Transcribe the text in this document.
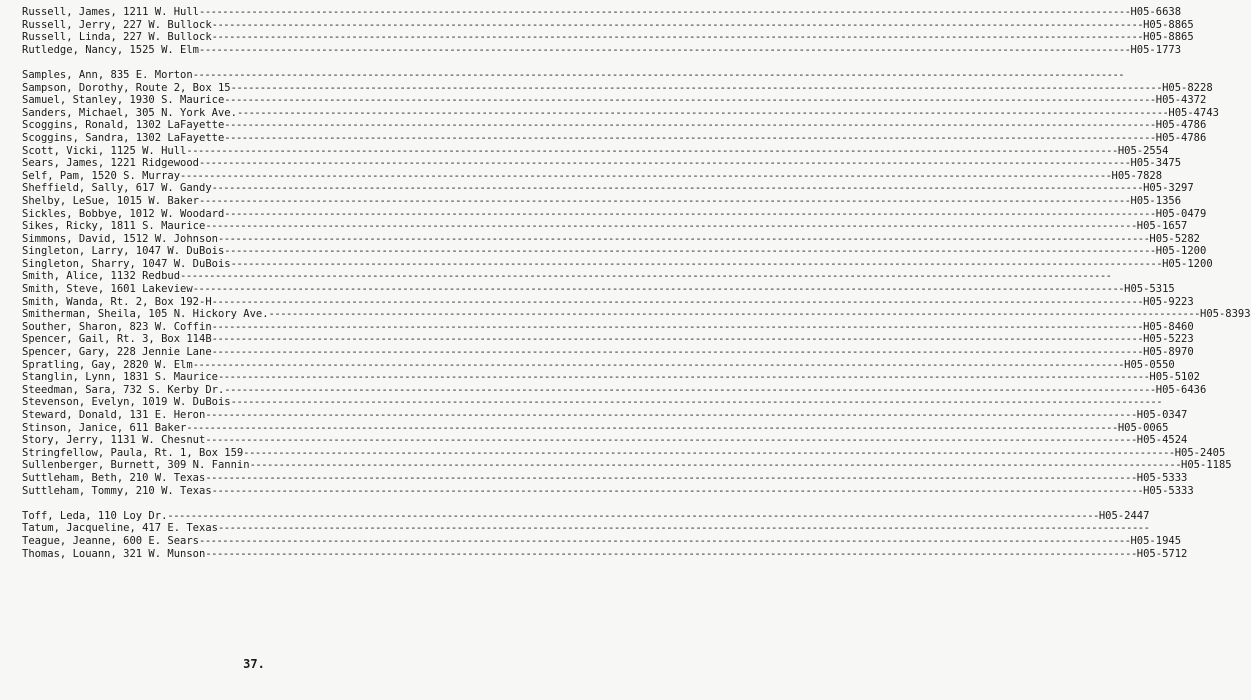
Russell, James, 1211 W. Hull ---------------------------------------------------------------------------------------------------------------------------------------------------------------- H05-6638
Russell, Jerry, 227 W. Bullock ---------------------------------------------------------------------------------------------------------------------------------------------------------------- H05-8865
Russell, Linda, 227 W. Bullock ---------------------------------------------------------------------------------------------------------------------------------------------------------------- H05-8865
Rutledge, Nancy, 1525 W. Elm ---------------------------------------------------------------------------------------------------------------------------------------------------------------- H05-1773
Samples, Ann, 835 E. Morton ----------------------------------------------------------------------------------------------------------------------------------------------------------------
Sampson, Dorothy, Route 2, Box 15 ---------------------------------------------------------------------------------------------------------------------------------------------------------------- H05-8228
Samuel, Stanley, 1930 S. Maurice ---------------------------------------------------------------------------------------------------------------------------------------------------------------- H05-4372
Sanders, Michael, 305 N. York Ave. ---------------------------------------------------------------------------------------------------------------------------------------------------------------- H05-4743
Scoggins, Ronald, 1302 LaFayette ---------------------------------------------------------------------------------------------------------------------------------------------------------------- H05-4786
Scoggins, Sandra, 1302 LaFayette ---------------------------------------------------------------------------------------------------------------------------------------------------------------- H05-4786
Scott, Vicki, 1125 W. Hull ---------------------------------------------------------------------------------------------------------------------------------------------------------------- H05-2554
Sears, James, 1221 Ridgewood ---------------------------------------------------------------------------------------------------------------------------------------------------------------- H05-3475
Self, Pam, 1520 S. Murray ---------------------------------------------------------------------------------------------------------------------------------------------------------------- H05-7828
Sheffield, Sally, 617 W. Gandy ---------------------------------------------------------------------------------------------------------------------------------------------------------------- H05-3297
Shelby, LeSue, 1015 W. Baker ---------------------------------------------------------------------------------------------------------------------------------------------------------------- H05-1356
Sickles, Bobbye, 1012 W. Woodard ---------------------------------------------------------------------------------------------------------------------------------------------------------------- H05-0479
Sikes, Ricky, 1811 S. Maurice ---------------------------------------------------------------------------------------------------------------------------------------------------------------- H05-1657
Simmons, David, 1512 W. Johnson ---------------------------------------------------------------------------------------------------------------------------------------------------------------- H05-5282
Singleton, Larry, 1047 W. DuBois ---------------------------------------------------------------------------------------------------------------------------------------------------------------- H05-1200
Singleton, Sharry, 1047 W. DuBois ---------------------------------------------------------------------------------------------------------------------------------------------------------------- H05-1200
Smith, Alice, 1132 Redbud ----------------------------------------------------------------------------------------------------------------------------------------------------------------
Smith, Steve, 1601 Lakeview ---------------------------------------------------------------------------------------------------------------------------------------------------------------- H05-5315
Smith, Wanda, Rt. 2, Box 192-H ---------------------------------------------------------------------------------------------------------------------------------------------------------------- H05-9223
Smitherman, Sheila, 105 N. Hickory Ave. ---------------------------------------------------------------------------------------------------------------------------------------------------------------- H05-8393
Souther, Sharon, 823 W. Coffin ---------------------------------------------------------------------------------------------------------------------------------------------------------------- H05-8460
Spencer, Gail, Rt. 3, Box 114B ---------------------------------------------------------------------------------------------------------------------------------------------------------------- H05-5223
Spencer, Gary, 228 Jennie Lane ---------------------------------------------------------------------------------------------------------------------------------------------------------------- H05-8970
Spratling, Gay, 2820 W. Elm ---------------------------------------------------------------------------------------------------------------------------------------------------------------- H05-0550
Stanglin, Lynn, 1831 S. Maurice ---------------------------------------------------------------------------------------------------------------------------------------------------------------- H05-5102
Steedman, Sara, 732 S. Kerby Dr. ---------------------------------------------------------------------------------------------------------------------------------------------------------------- H05-6436
Stevenson, Evelyn, 1019 W. DuBois ----------------------------------------------------------------------------------------------------------------------------------------------------------------
Steward, Donald, 131 E. Heron ---------------------------------------------------------------------------------------------------------------------------------------------------------------- H05-0347
Stinson, Janice, 611 Baker ---------------------------------------------------------------------------------------------------------------------------------------------------------------- H05-0065
Story, Jerry, 1131 W. Chesnut ---------------------------------------------------------------------------------------------------------------------------------------------------------------- H05-4524
Stringfellow, Paula, Rt. 1, Box 159 ---------------------------------------------------------------------------------------------------------------------------------------------------------------- H05-2405
Sullenberger, Burnett, 309 N. Fannin ---------------------------------------------------------------------------------------------------------------------------------------------------------------- H05-1185
Suttleham, Beth, 210 W. Texas ---------------------------------------------------------------------------------------------------------------------------------------------------------------- H05-5333
Suttleham, Tommy, 210 W. Texas ---------------------------------------------------------------------------------------------------------------------------------------------------------------- H05-5333
Toff, Leda, 110 Loy Dr. ---------------------------------------------------------------------------------------------------------------------------------------------------------------- H05-2447
Tatum, Jacqueline, 417 E. Texas ----------------------------------------------------------------------------------------------------------------------------------------------------------------
Teague, Jeanne, 600 E. Sears ---------------------------------------------------------------------------------------------------------------------------------------------------------------- H05-1945
Thomas, Louann, 321 W. Munson ---------------------------------------------------------------------------------------------------------------------------------------------------------------- H05-5712
37.
